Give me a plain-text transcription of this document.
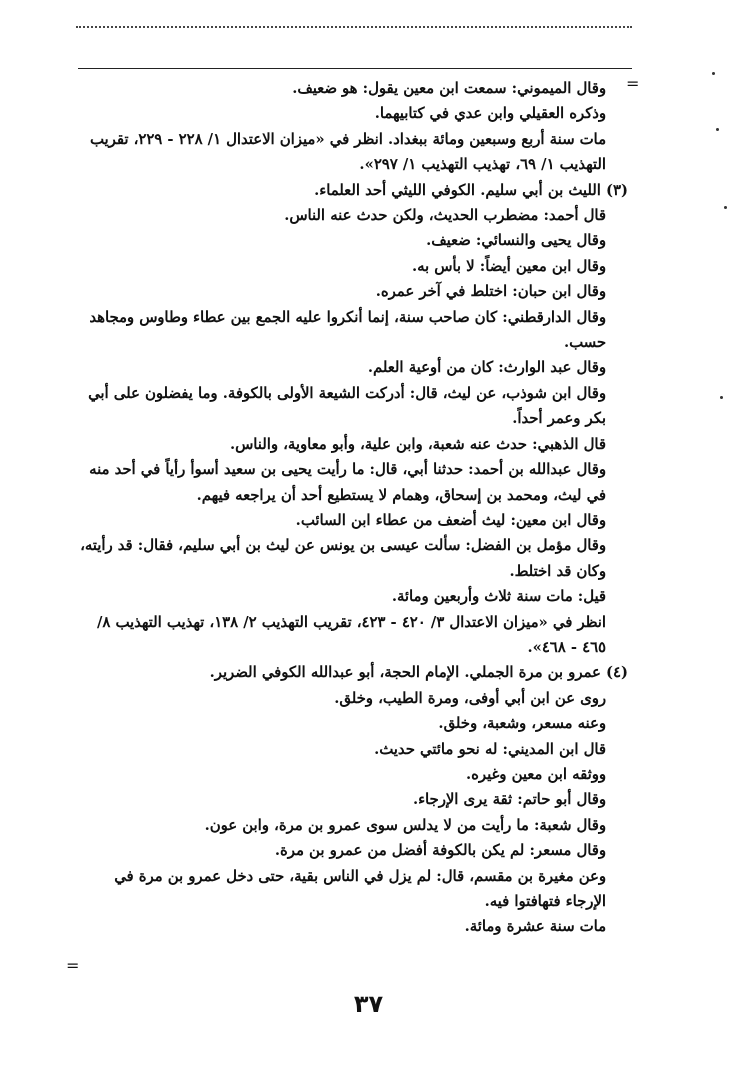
=

وقال الميموني: سمعت ابن معين يقول: هو ضعيف.

وذكره العقيلي وابن عدي في كتابيهما.

مات سنة أربع وسبعين ومائة ببغداد. انظر في «ميزان الاعتدال ١/ ٢٢٨ - ٢٢٩، تقريب التهذيب ١/ ٦٩، تهذيب التهذيب ١/ ٢٩٧».

(٣) الليث بن أبي سليم. الكوفي الليثي أحد العلماء.

قال أحمد: مضطرب الحديث، ولكن حدث عنه الناس.

وقال يحيى والنسائي: ضعيف.

وقال ابن معين أيضاً: لا بأس به.

وقال ابن حبان: اختلط في آخر عمره.

وقال الدارقطني: كان صاحب سنة، إنما أنكروا عليه الجمع بين عطاء وطاوس ومجاهد حسب.

وقال عبد الوارث: كان من أوعية العلم.

وقال ابن شوذب، عن ليث، قال: أدركت الشيعة الأولى بالكوفة. وما يفضلون على أبي بكر وعمر أحداً.

قال الذهبي: حدث عنه شعبة، وابن علية، وأبو معاوية، والناس.

وقال عبدالله بن أحمد: حدثنا أبي، قال: ما رأيت يحيى بن سعيد أسوأ رأياً في أحد منه في ليث، ومحمد بن إسحاق، وهمام لا يستطيع أحد أن يراجعه فيهم.

وقال ابن معين: ليث أضعف من عطاء ابن السائب.

وقال مؤمل بن الفضل: سألت عيسى بن يونس عن ليث بن أبي سليم، فقال: قد رأيته، وكان قد اختلط.

قيل: مات سنة ثلاث وأربعين ومائة.

انظر في «ميزان الاعتدال ٣/ ٤٢٠ - ٤٢٣، تقريب التهذيب ٢/ ١٣٨، تهذيب التهذيب ٨/ ٤٦٥ - ٤٦٨».

(٤) عمرو بن مرة الجملي. الإمام الحجة، أبو عبدالله الكوفي الضرير.

روى عن ابن أبي أوفى، ومرة الطيب، وخلق.

وعنه مسعر، وشعبة، وخلق.

قال ابن المديني: له نحو مائتي حديث.

ووثقه ابن معين وغيره.

وقال أبو حاتم: ثقة يرى الإرجاء.

وقال شعبة: ما رأيت من لا يدلس سوى عمرو بن مرة، وابن عون.

وقال مسعر: لم يكن بالكوفة أفضل من عمرو بن مرة.

وعن مغيرة بن مقسم، قال: لم يزل في الناس بقية، حتى دخل عمرو بن مرة في الإرجاء فتهافتوا فيه.

مات سنة عشرة ومائة.

=
٣٧
